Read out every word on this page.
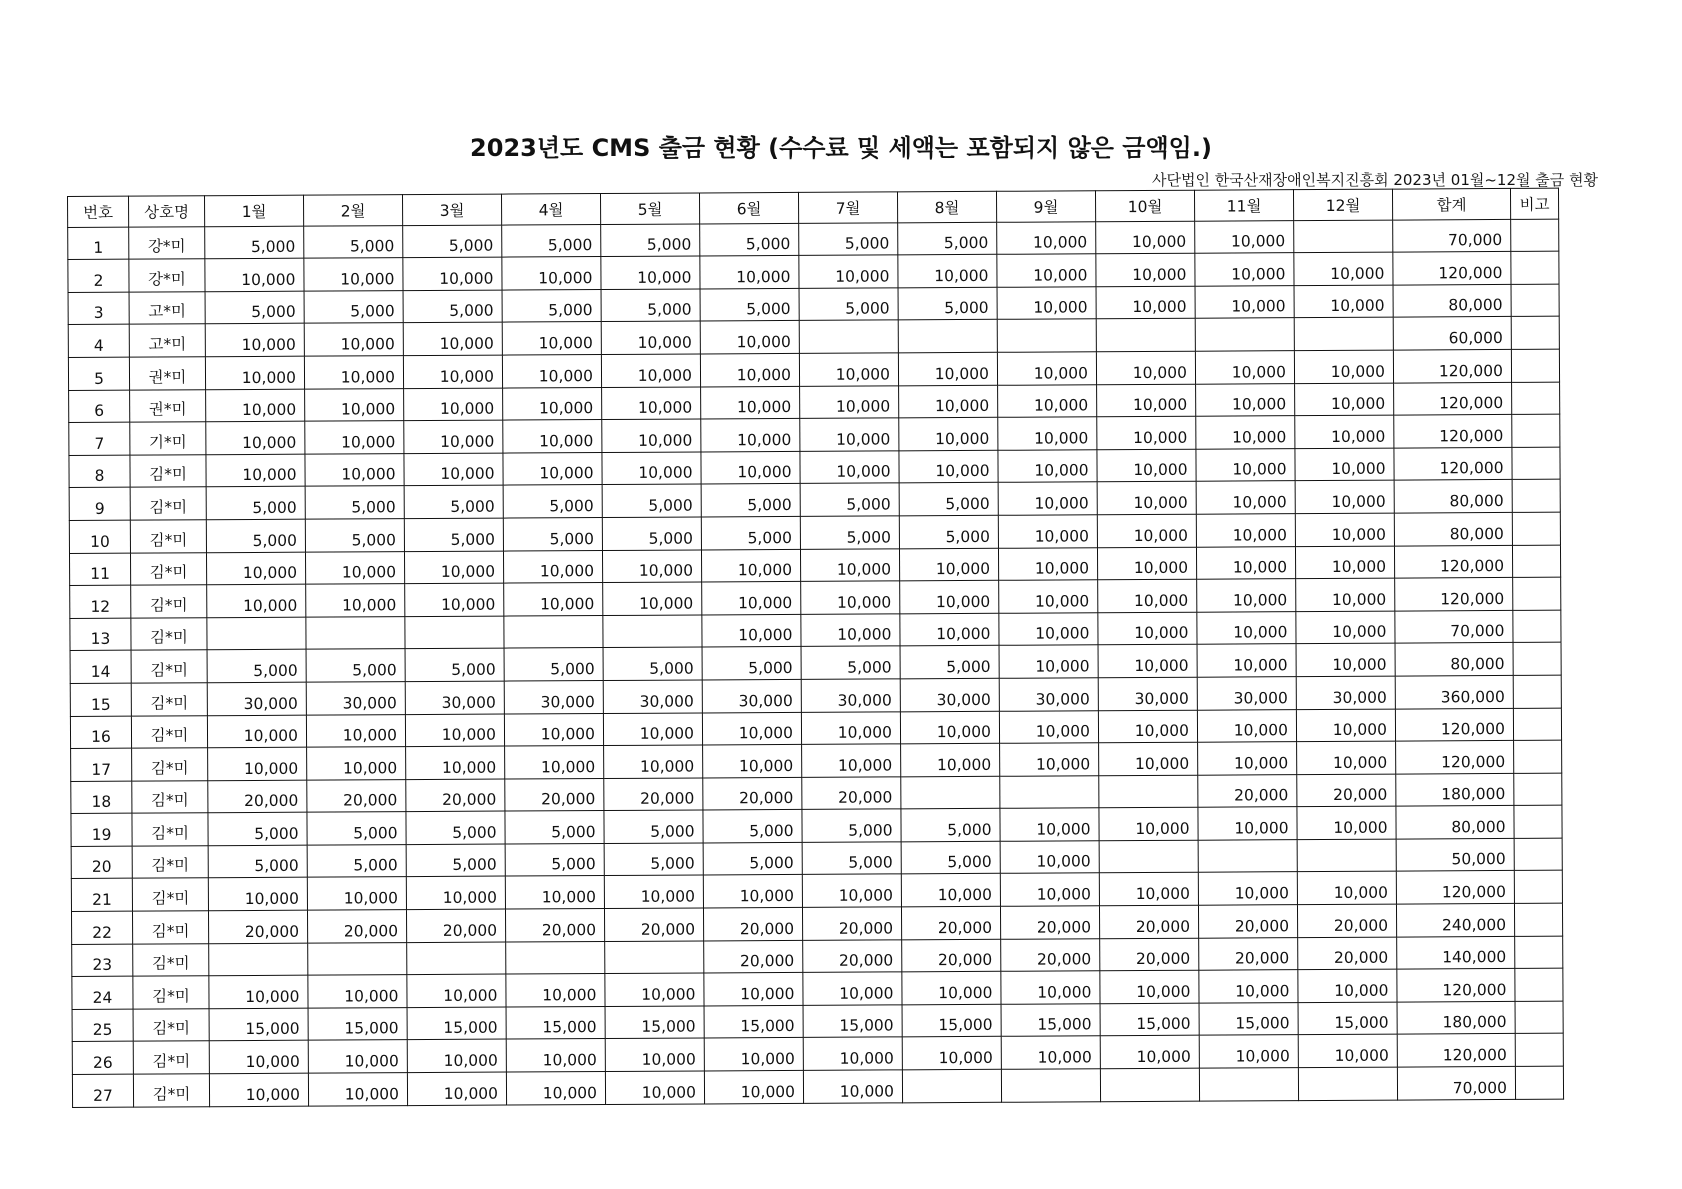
2023년도 CMS 출금 현황 (수수료 및 세액는 포함되지 않은 금액임.)
사단법인 한국산재장애인복지진흥회 2023년 01월~12월 출금 현황
번호	상호명	1월	2월	3월	4월	5월	6월	7월	8월	9월	10월	11월	12월	합계	비고
1	강*미	5,000	5,000	5,000	5,000	5,000	5,000	5,000	5,000	10,000	10,000	10,000		70,000	
2	강*미	10,000	10,000	10,000	10,000	10,000	10,000	10,000	10,000	10,000	10,000	10,000	10,000	120,000	
3	고*미	5,000	5,000	5,000	5,000	5,000	5,000	5,000	5,000	10,000	10,000	10,000	10,000	80,000	
4	고*미	10,000	10,000	10,000	10,000	10,000	10,000							60,000	
5	권*미	10,000	10,000	10,000	10,000	10,000	10,000	10,000	10,000	10,000	10,000	10,000	10,000	120,000	
6	권*미	10,000	10,000	10,000	10,000	10,000	10,000	10,000	10,000	10,000	10,000	10,000	10,000	120,000	
7	기*미	10,000	10,000	10,000	10,000	10,000	10,000	10,000	10,000	10,000	10,000	10,000	10,000	120,000	
8	김*미	10,000	10,000	10,000	10,000	10,000	10,000	10,000	10,000	10,000	10,000	10,000	10,000	120,000	
9	김*미	5,000	5,000	5,000	5,000	5,000	5,000	5,000	5,000	10,000	10,000	10,000	10,000	80,000	
10	김*미	5,000	5,000	5,000	5,000	5,000	5,000	5,000	5,000	10,000	10,000	10,000	10,000	80,000	
11	김*미	10,000	10,000	10,000	10,000	10,000	10,000	10,000	10,000	10,000	10,000	10,000	10,000	120,000	
12	김*미	10,000	10,000	10,000	10,000	10,000	10,000	10,000	10,000	10,000	10,000	10,000	10,000	120,000	
13	김*미						10,000	10,000	10,000	10,000	10,000	10,000	10,000	70,000	
14	김*미	5,000	5,000	5,000	5,000	5,000	5,000	5,000	5,000	10,000	10,000	10,000	10,000	80,000	
15	김*미	30,000	30,000	30,000	30,000	30,000	30,000	30,000	30,000	30,000	30,000	30,000	30,000	360,000	
16	김*미	10,000	10,000	10,000	10,000	10,000	10,000	10,000	10,000	10,000	10,000	10,000	10,000	120,000	
17	김*미	10,000	10,000	10,000	10,000	10,000	10,000	10,000	10,000	10,000	10,000	10,000	10,000	120,000	
18	김*미	20,000	20,000	20,000	20,000	20,000	20,000	20,000				20,000	20,000	180,000	
19	김*미	5,000	5,000	5,000	5,000	5,000	5,000	5,000	5,000	10,000	10,000	10,000	10,000	80,000	
20	김*미	5,000	5,000	5,000	5,000	5,000	5,000	5,000	5,000	10,000				50,000	
21	김*미	10,000	10,000	10,000	10,000	10,000	10,000	10,000	10,000	10,000	10,000	10,000	10,000	120,000	
22	김*미	20,000	20,000	20,000	20,000	20,000	20,000	20,000	20,000	20,000	20,000	20,000	20,000	240,000	
23	김*미						20,000	20,000	20,000	20,000	20,000	20,000	20,000	140,000	
24	김*미	10,000	10,000	10,000	10,000	10,000	10,000	10,000	10,000	10,000	10,000	10,000	10,000	120,000	
25	김*미	15,000	15,000	15,000	15,000	15,000	15,000	15,000	15,000	15,000	15,000	15,000	15,000	180,000	
26	김*미	10,000	10,000	10,000	10,000	10,000	10,000	10,000	10,000	10,000	10,000	10,000	10,000	120,000	
27	김*미	10,000	10,000	10,000	10,000	10,000	10,000	10,000						70,000	
